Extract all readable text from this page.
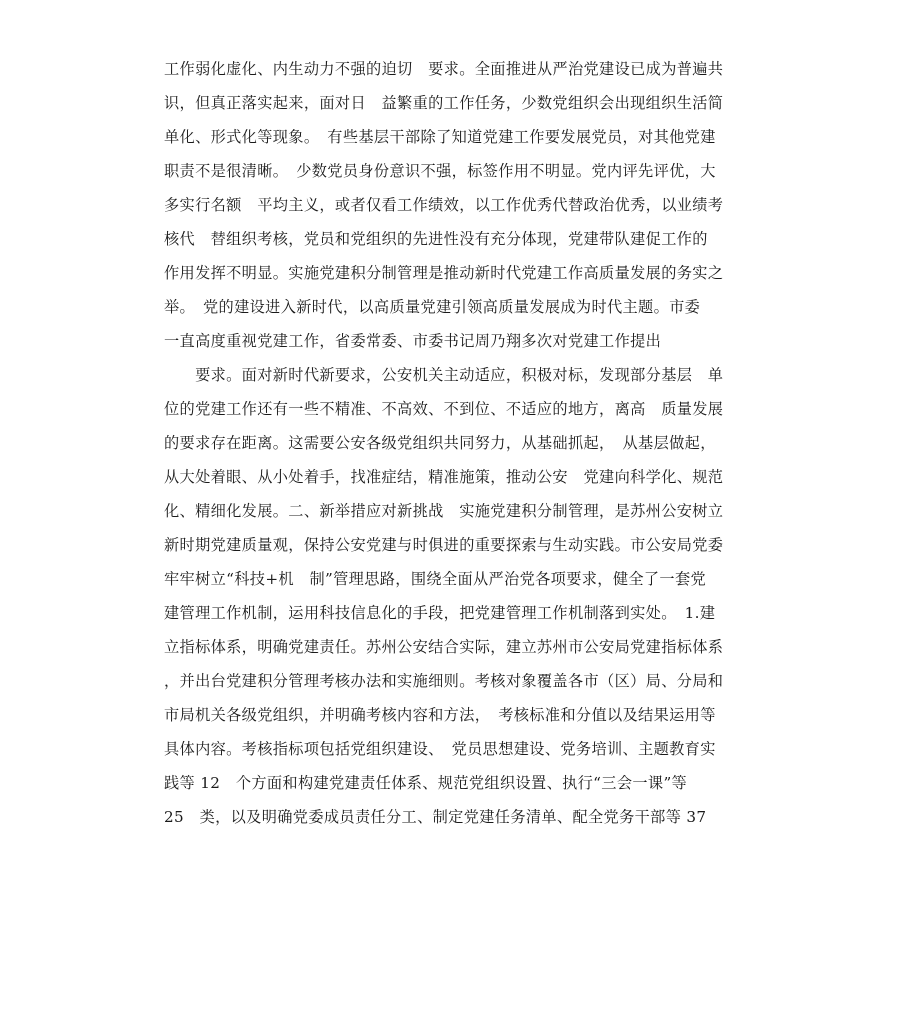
工作弱化虚化、内生动力不强的迫切　要求。全面推进从严治党建设已成为普遍共
识，但真正落实起来，面对日　益繁重的工作任务，少数党组织会出现组织生活简
单化、形式化等现象。　有些基层干部除了知道党建工作要发展党员，对其他党建
职责不是很清晰。　少数党员身份意识不强，标签作用不明显。党内评先评优，大
多实行名额　平均主义，或者仅看工作绩效，以工作优秀代替政治优秀，以业绩考
核代　替组织考核，党员和党组织的先进性没有充分体现，党建带队建促工作的
作用发挥不明显。实施党建积分制管理是推动新时代党建工作高质量发展的务实之
举。　党的建设进入新时代，以高质量党建引领高质量发展成为时代主题。市委
一直高度重视党建工作，省委常委、市委书记周乃翔多次对党建工作提出
　　要求。面对新时代新要求，公安机关主动适应，积极对标，发现部分基层　单
位的党建工作还有一些不精准、不高效、不到位、不适应的地方，离高　质量发展
的要求存在距离。这需要公安各级党组织共同努力，从基础抓起，　从基层做起，
从大处着眼、从小处着手，找准症结，精准施策，推动公安　党建向科学化、规范
化、精细化发展。二、新举措应对新挑战　实施党建积分制管理，是苏州公安树立
新时期党建质量观，保持公安党建与时俱进的重要探索与生动实践。市公安局党委
牢牢树立“科技+机　制”管理思路，围绕全面从严治党各项要求，健全了一套党
建管理工作机制，运用科技信息化的手段，把党建管理工作机制落到实处。　1.建
立指标体系，明确党建责任。苏州公安结合实际，建立苏州市公安局党建指标体系
，并出台党建积分管理考核办法和实施细则。考核对象覆盖各市（区）局、分局和
市局机关各级党组织，并明确考核内容和方法，　考核标准和分值以及结果运用等
具体内容。考核指标项包括党组织建设、　党员思想建设、党务培训、主题教育实
践等 12　个方面和构建党建责任体系、规范党组织设置、执行“三会一课”等
25　类，以及明确党委成员责任分工、制定党建任务清单、配全党务干部等 37
